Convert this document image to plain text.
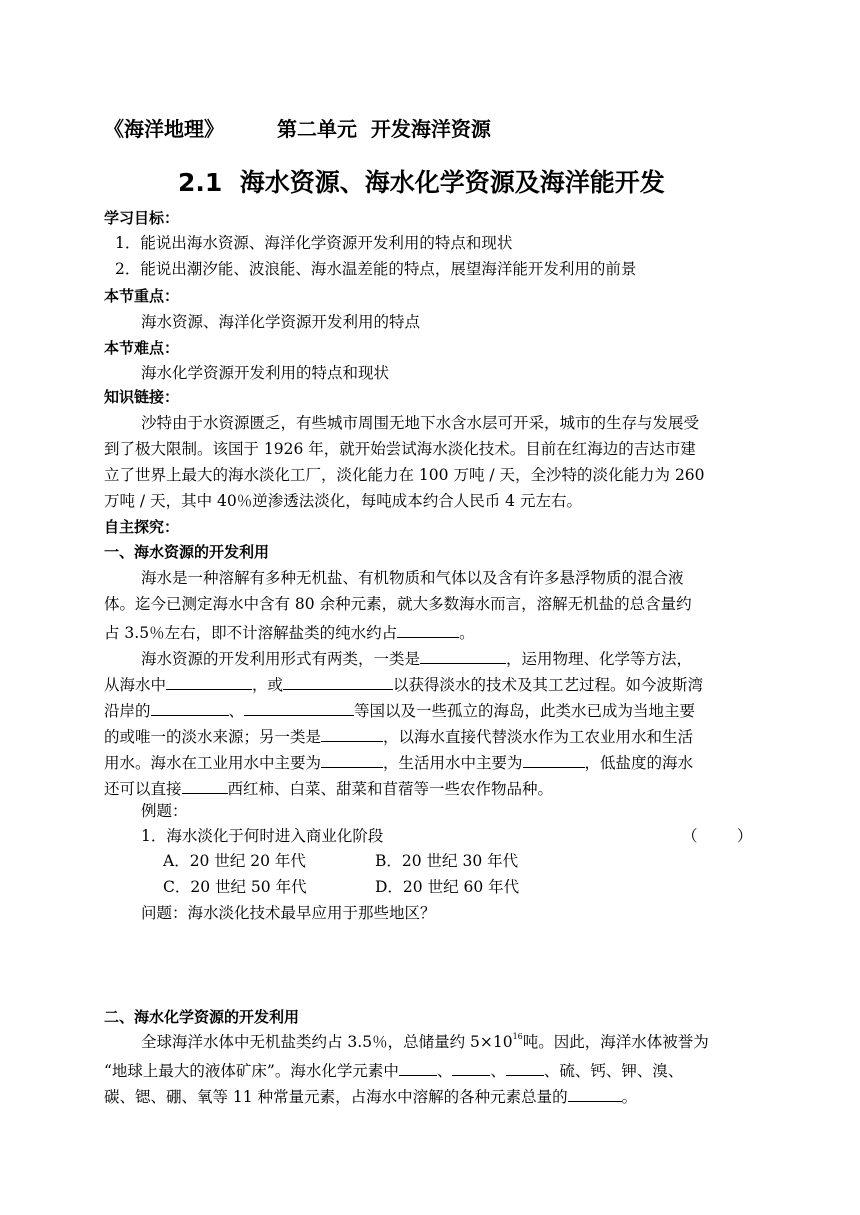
《海洋地理》	第二单元  开发海洋资源
2.1  海水资源、海水化学资源及海洋能开发
学习目标：
1．能说出海水资源、海洋化学资源开发利用的特点和现状
2．能说出潮汐能、波浪能、海水温差能的特点，展望海洋能开发利用的前景
本节重点：
海水资源、海洋化学资源开发利用的特点
本节难点：
海水化学资源开发利用的特点和现状
知识链接：
沙特由于水资源匮乏，有些城市周围无地下水含水层可开采，城市的生存与发展受
到了极大限制。该国于 1926 年，就开始尝试海水淡化技术。目前在红海边的吉达市建
立了世界上最大的海水淡化工厂，淡化能力在 100 万吨 / 天，全沙特的淡化能力为 260
万吨 / 天，其中 40％逆渗透法淡化，每吨成本约合人民币 4 元左右。
自主探究：
一、海水资源的开发利用
海水是一种溶解有多种无机盐、有机物质和气体以及含有许多悬浮物质的混合液
体。迄今已测定海水中含有 80 余种元素，就大多数海水而言，溶解无机盐的总含量约
占 3.5％左右，即不计溶解盐类的纯水约占	。
海水资源的开发利用形式有两类，一类是	，运用物理、化学等方法，
从海水中	，或	以获得淡水的技术及其工艺过程。如今波斯湾
沿岸的	、	等国以及一些孤立的海岛，此类水已成为当地主要
的或唯一的淡水来源；另一类是	，以海水直接代替淡水作为工农业用水和生活
用水。海水在工业用水中主要为	，生活用水中主要为	，低盐度的海水
还可以直接	西红柿、白菜、甜菜和苜蓿等一些农作物品种。
例题：
1．海水淡化于何时进入商业化阶段	（        ）
A．20 世纪 20 年代	B．20 世纪 30 年代
C．20 世纪 50 年代	D．20 世纪 60 年代
问题：海水淡化技术最早应用于那些地区？
二、海水化学资源的开发利用
全球海洋水体中无机盐类约占 3.5％，总储量约 $5\times 10^{16}$吨。因此，海洋水体被誉为
“地球上最大的液体矿床”。海水化学元素中 、 、 、硫、钙、钾、溴、
碳、锶、硼、氧等 11 种常量元素，占海水中溶解的各种元素总量的	。
